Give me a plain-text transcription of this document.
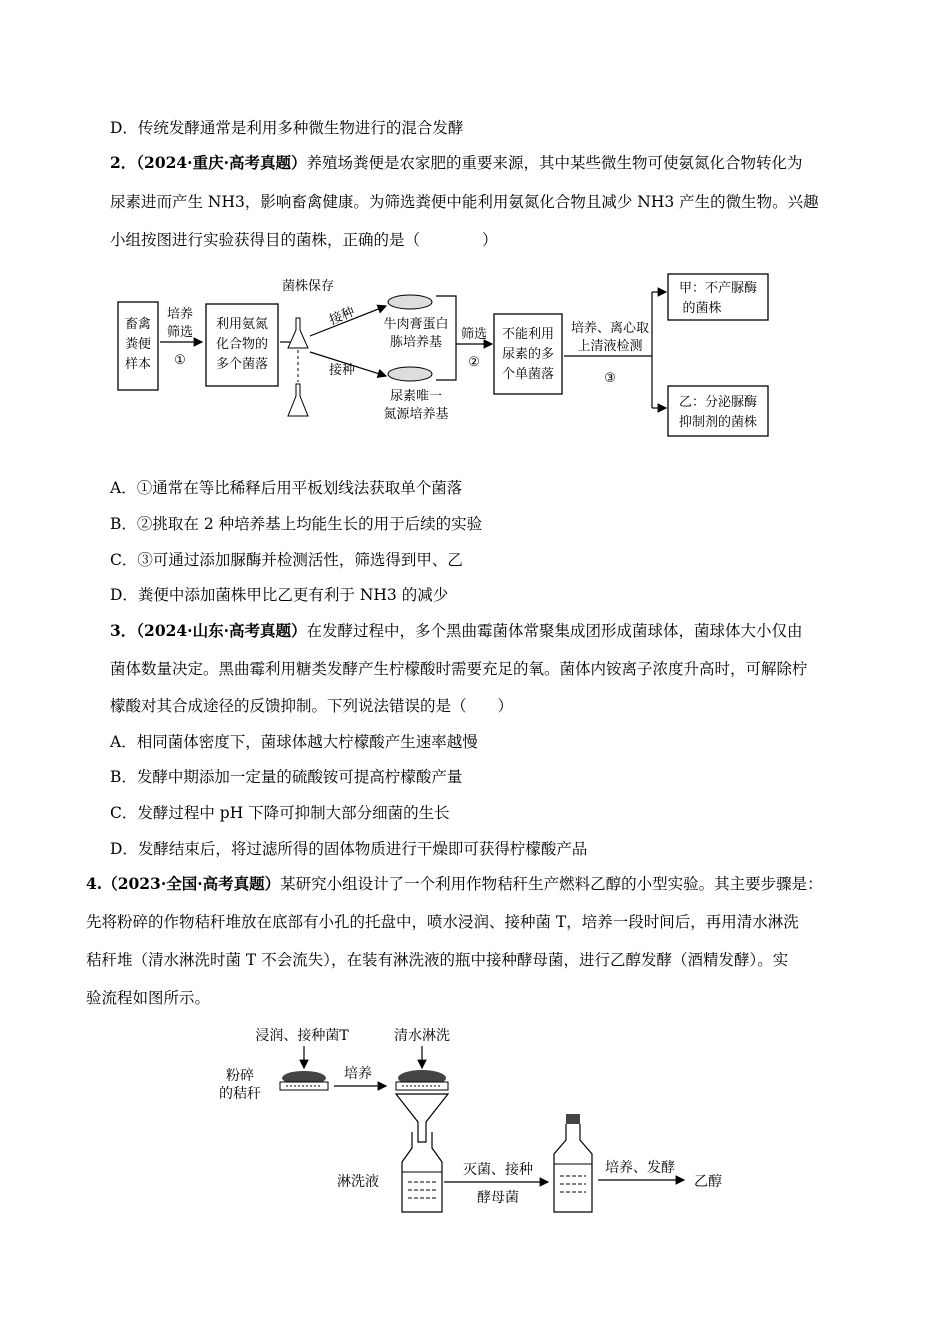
D．传统发酵通常是利用多种微生物进行的混合发酵
2．（2024·重庆·高考真题）养殖场粪便是农家肥的重要来源，其中某些微生物可使氨氮化合物转化为
尿素进而产生 NH3，影响畜禽健康。为筛选粪便中能利用氨氮化合物且减少 NH3 产生的微生物。兴趣
小组按图进行实验获得目的菌株，正确的是（　　　　）
畜禽
粪便
样本
培养
筛选
①
利用氨氮
化合物的
多个菌落
菌株保存
接种
接种
牛肉膏蛋白
胨培养基
尿素唯一
氮源培养基
筛选
②
不能利用
尿素的多
个单菌落
培养、离心取
上清液检测
③
甲：不产脲酶
的菌株
乙：分泌脲酶
抑制剂的菌株
A．①通常在等比稀释后用平板划线法获取单个菌落
B．②挑取在 2 种培养基上均能生长的用于后续的实验
C．③可通过添加脲酶并检测活性，筛选得到甲、乙
D．粪便中添加菌株甲比乙更有利于 NH3 的减少
3．（2024·山东·高考真题）在发酵过程中，多个黑曲霉菌体常聚集成团形成菌球体，菌球体大小仅由
菌体数量决定。黑曲霉利用糖类发酵产生柠檬酸时需要充足的氧。菌体内铵离子浓度升高时，可解除柠
檬酸对其合成途径的反馈抑制。下列说法错误的是（　　）
A．相同菌体密度下，菌球体越大柠檬酸产生速率越慢
B．发酵中期添加一定量的硫酸铵可提高柠檬酸产量
C．发酵过程中 pH 下降可抑制大部分细菌的生长
D．发酵结束后，将过滤所得的固体物质进行干燥即可获得柠檬酸产品
4.（2023·全国·高考真题）某研究小组设计了一个利用作物秸秆生产燃料乙醇的小型实验。其主要步骤是：
先将粉碎的作物秸秆堆放在底部有小孔的托盘中，喷水浸润、接种菌 T，培养一段时间后，再用清水淋洗
秸秆堆（清水淋洗时菌 T 不会流失），在装有淋洗液的瓶中接种酵母菌，进行乙醇发酵（酒精发酵）。实
验流程如图所示。
浸润、接种菌T	清水淋洗
粉碎
的秸秆
培养
淋洗液
灭菌、接种
酵母菌
培养、发酵
乙醇
